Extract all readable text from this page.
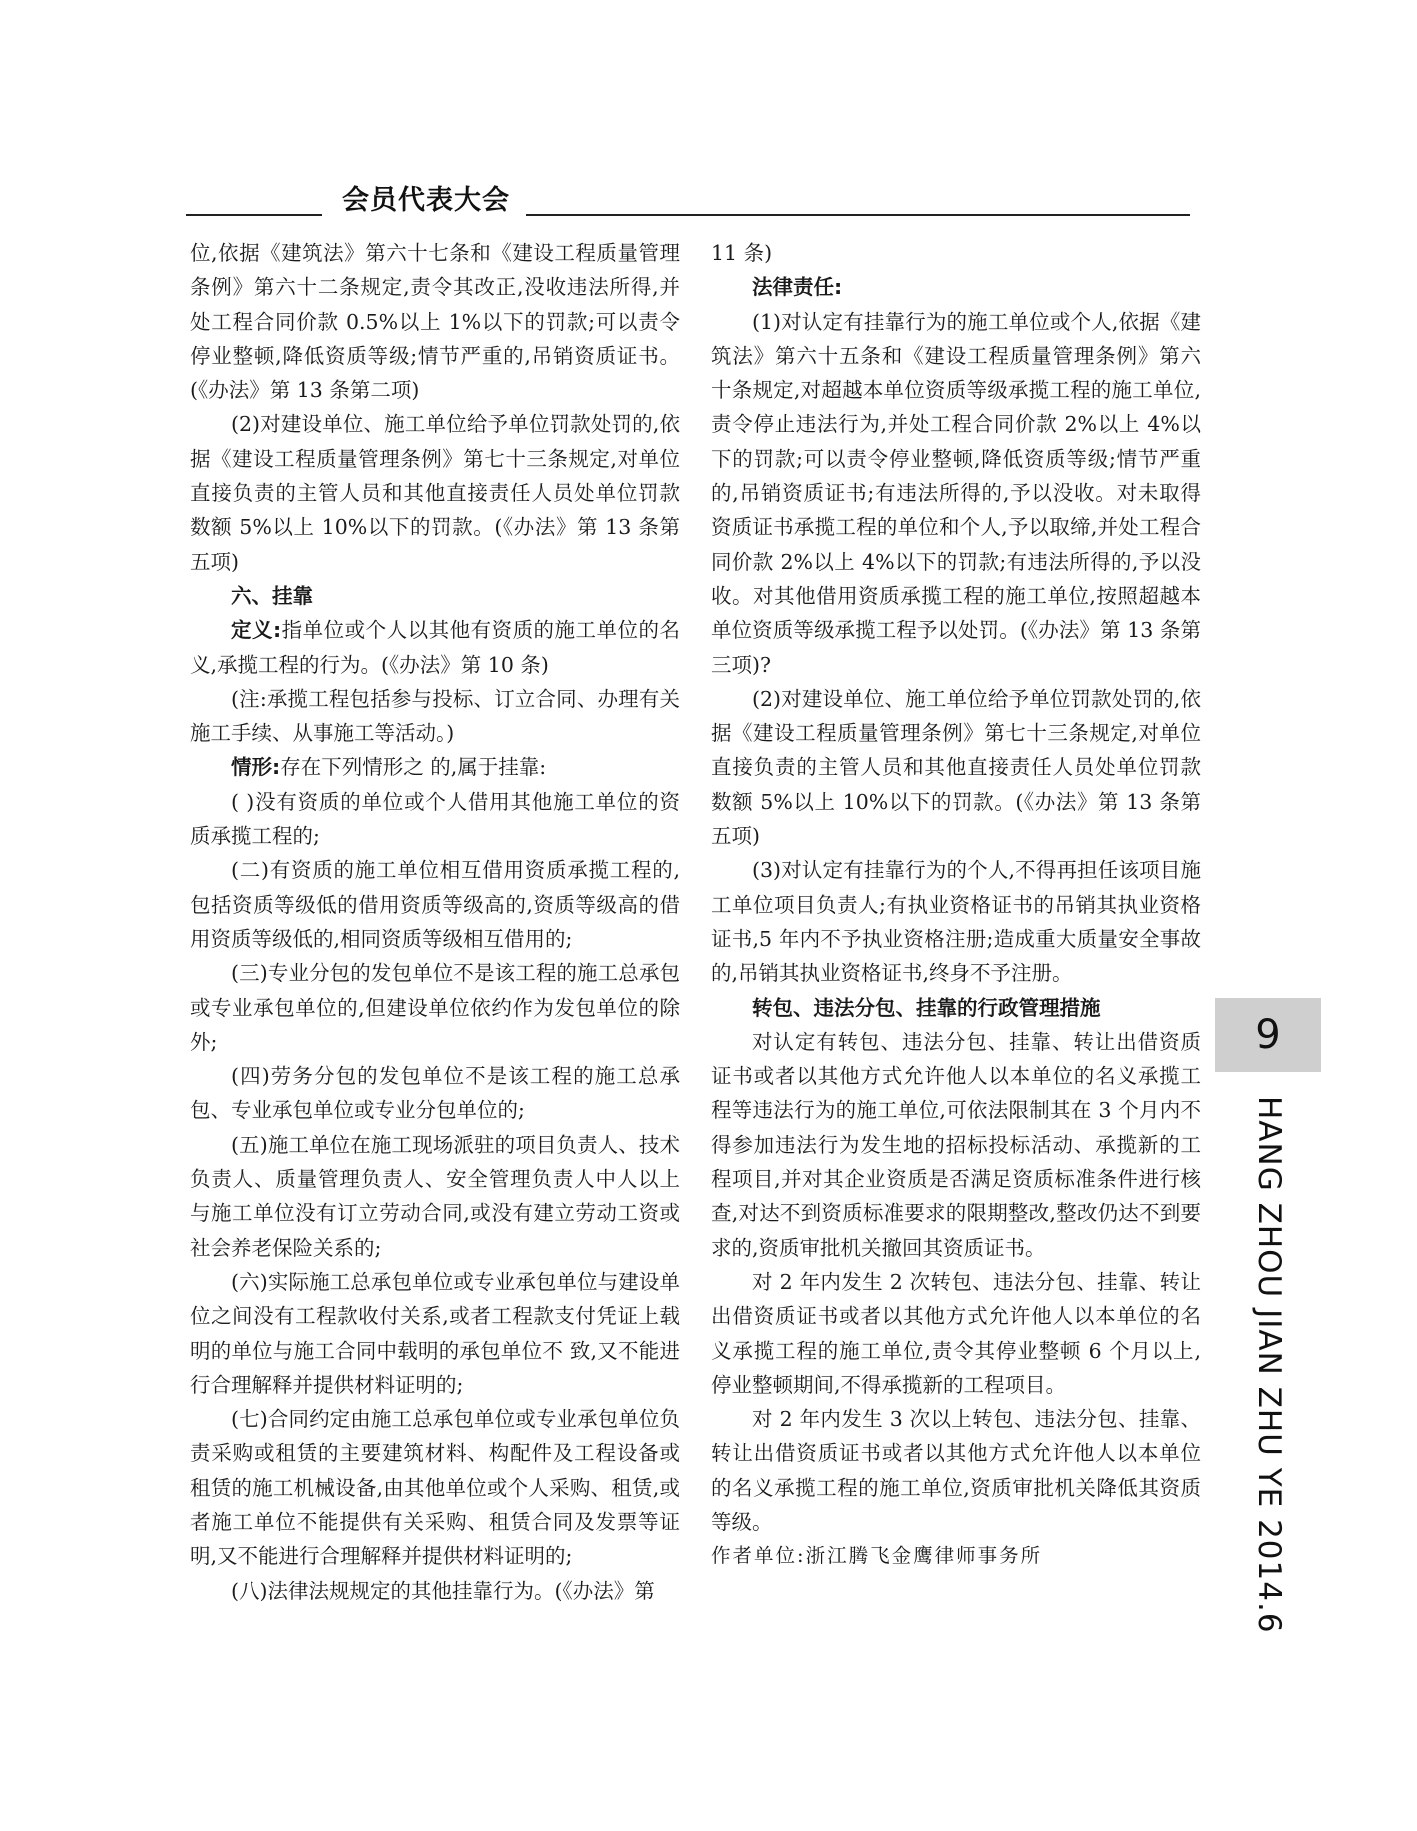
会员代表大会

位,依据《建筑法》第六十七条和《建设工程质量管理条例》第六十二条规定,责令其改正,没收违法所得,并处工程合同价款 0.5%以上 1%以下的罚款;可以责令停业整顿,降低资质等级;情节严重的,吊销资质证书。(《办法》第 13 条第二项)

(2)对建设单位、施工单位给予单位罚款处罚的,依据《建设工程质量管理条例》第七十三条规定,对单位直接负责的主管人员和其他直接责任人员处单位罚款数额 5%以上 10%以下的罚款。(《办法》第 13 条第五项)

六、挂靠

定义:指单位或个人以其他有资质的施工单位的名义,承揽工程的行为。(《办法》第 10 条)

(注:承揽工程包括参与投标、订立合同、办理有关施工手续、从事施工等活动。)

情形:存在下列情形之 的,属于挂靠:

( )没有资质的单位或个人借用其他施工单位的资质承揽工程的;

(二)有资质的施工单位相互借用资质承揽工程的,包括资质等级低的借用资质等级高的,资质等级高的借用资质等级低的,相同资质等级相互借用的;

(三)专业分包的发包单位不是该工程的施工总承包或专业承包单位的,但建设单位依约作为发包单位的除外;

(四)劳务分包的发包单位不是该工程的施工总承包、专业承包单位或专业分包单位的;

(五)施工单位在施工现场派驻的项目负责人、技术负责人、质量管理负责人、安全管理负责人中人以上与施工单位没有订立劳动合同,或没有建立劳动工资或社会养老保险关系的;

(六)实际施工总承包单位或专业承包单位与建设单位之间没有工程款收付关系,或者工程款支付凭证上载明的单位与施工合同中载明的承包单位不 致,又不能进行合理解释并提供材料证明的;

(七)合同约定由施工总承包单位或专业承包单位负责采购或租赁的主要建筑材料、构配件及工程设备或租赁的施工机械设备,由其他单位或个人采购、租赁,或者施工单位不能提供有关采购、租赁合同及发票等证明,又不能进行合理解释并提供材料证明的;

(八)法律法规规定的其他挂靠行为。(《办法》第

11 条)

法律责任:

(1)对认定有挂靠行为的施工单位或个人,依据《建筑法》第六十五条和《建设工程质量管理条例》第六十条规定,对超越本单位资质等级承揽工程的施工单位,责令停止违法行为,并处工程合同价款 2%以上 4%以下的罚款;可以责令停业整顿,降低资质等级;情节严重的,吊销资质证书;有违法所得的,予以没收。对未取得资质证书承揽工程的单位和个人,予以取缔,并处工程合同价款 2%以上 4%以下的罚款;有违法所得的,予以没收。对其他借用资质承揽工程的施工单位,按照超越本单位资质等级承揽工程予以处罚。(《办法》第 13 条第三项)?

(2)对建设单位、施工单位给予单位罚款处罚的,依据《建设工程质量管理条例》第七十三条规定,对单位直接负责的主管人员和其他直接责任人员处单位罚款数额 5%以上 10%以下的罚款。(《办法》第 13 条第五项)

(3)对认定有挂靠行为的个人,不得再担任该项目施工单位项目负责人;有执业资格证书的吊销其执业资格证书,5 年内不予执业资格注册;造成重大质量安全事故的,吊销其执业资格证书,终身不予注册。

转包、违法分包、挂靠的行政管理措施

对认定有转包、违法分包、挂靠、转让出借资质证书或者以其他方式允许他人以本单位的名义承揽工程等违法行为的施工单位,可依法限制其在 3 个月内不得参加违法行为发生地的招标投标活动、承揽新的工程项目,并对其企业资质是否满足资质标准条件进行核查,对达不到资质标准要求的限期整改,整改仍达不到要求的,资质审批机关撤回其资质证书。

对 2 年内发生 2 次转包、违法分包、挂靠、转让出借资质证书或者以其他方式允许他人以本单位的名义承揽工程的施工单位,责令其停业整顿 6 个月以上,停业整顿期间,不得承揽新的工程项目。

对 2 年内发生 3 次以上转包、违法分包、挂靠、转让出借资质证书或者以其他方式允许他人以本单位的名义承揽工程的施工单位,资质审批机关降低其资质等级。

作者单位:浙江腾飞金鹰律师事务所

9
HANG ZHOU JIAN ZHU YE 2014.6
